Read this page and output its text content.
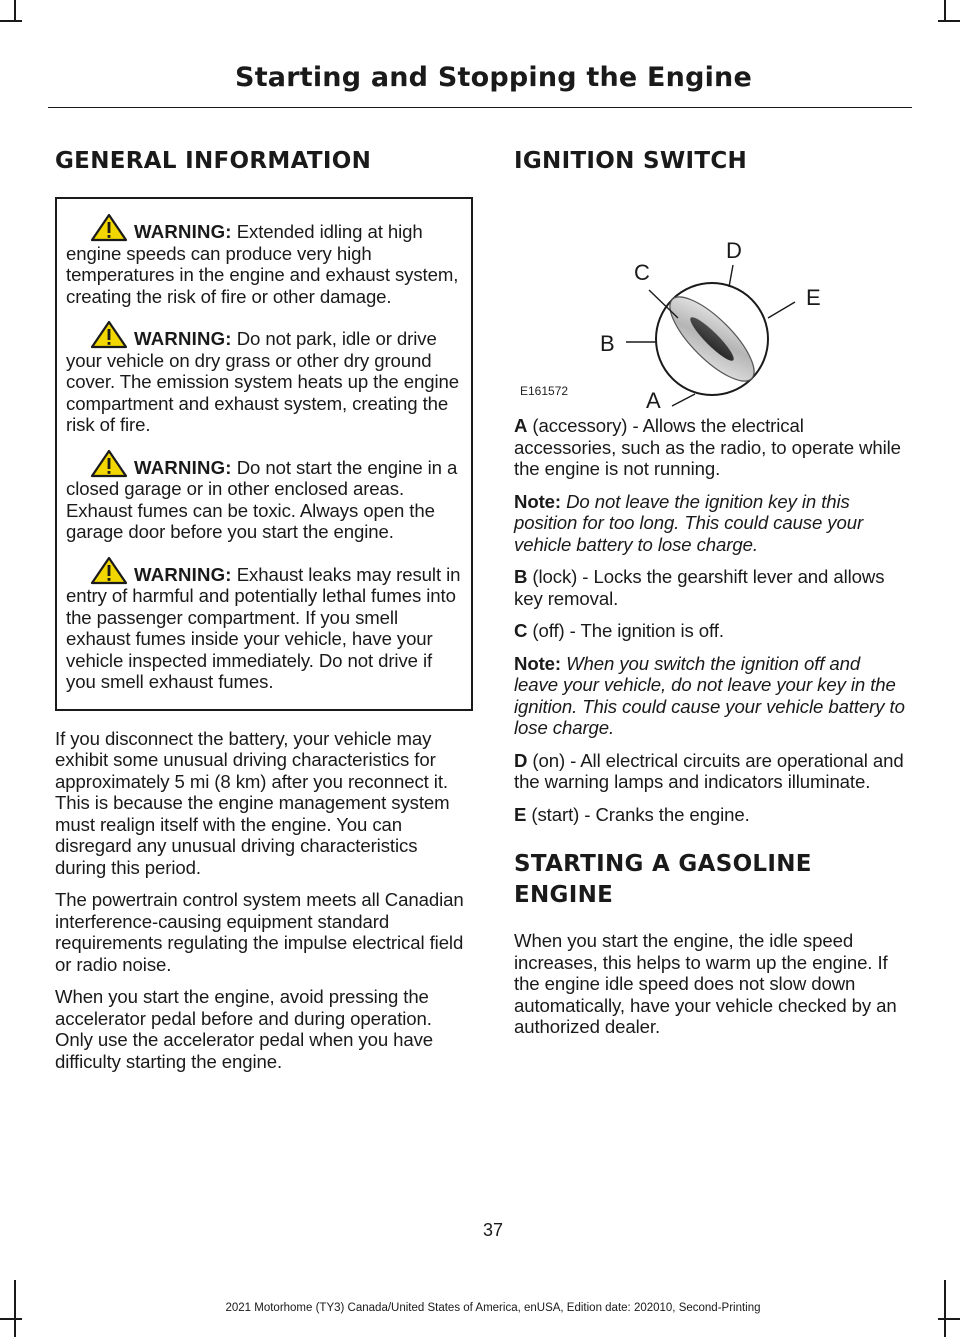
Starting and Stopping the Engine
GENERAL INFORMATION
WARNING: Extended idling at high engine speeds can produce very high temperatures in the engine and exhaust system, creating the risk of fire or other damage.
WARNING: Do not park, idle or drive your vehicle on dry grass or other dry ground cover. The emission system heats up the engine compartment and exhaust system, creating the risk of fire.
WARNING: Do not start the engine in a closed garage or in other enclosed areas. Exhaust fumes can be toxic. Always open the garage door before you start the engine.
WARNING: Exhaust leaks may result in entry of harmful and potentially lethal fumes into the passenger compartment. If you smell exhaust fumes inside your vehicle, have your vehicle inspected immediately. Do not drive if you smell exhaust fumes.

If you disconnect the battery, your vehicle may exhibit some unusual driving characteristics for approximately 5 mi (8 km) after you reconnect it. This is because the engine management system must realign itself with the engine. You can disregard any unusual driving characteristics during this period.

The powertrain control system meets all Canadian interference-causing equipment standard requirements regulating the impulse electrical field or radio noise.

When you start the engine, avoid pressing the accelerator pedal before and during operation. Only use the accelerator pedal when you have difficulty starting the engine.

IGNITION SWITCH
A
B
C
D
E
E161572

A (accessory) - Allows the electrical accessories, such as the radio, to operate while the engine is not running.

Note: Do not leave the ignition key in this position for too long. This could cause your vehicle battery to lose charge.

B (lock) - Locks the gearshift lever and allows key removal.

C (off) - The ignition is off.

Note: When you switch the ignition off and leave your vehicle, do not leave your key in the ignition. This could cause your vehicle battery to lose charge.

D (on) - All electrical circuits are operational and the warning lamps and indicators illuminate.

E (start) - Cranks the engine.

STARTING A GASOLINE
ENGINE

When you start the engine, the idle speed increases, this helps to warm up the engine. If the engine idle speed does not slow down automatically, have your vehicle checked by an authorized dealer.

37
2021 Motorhome (TY3) Canada/United States of America, enUSA, Edition date: 202010, Second-Printing
